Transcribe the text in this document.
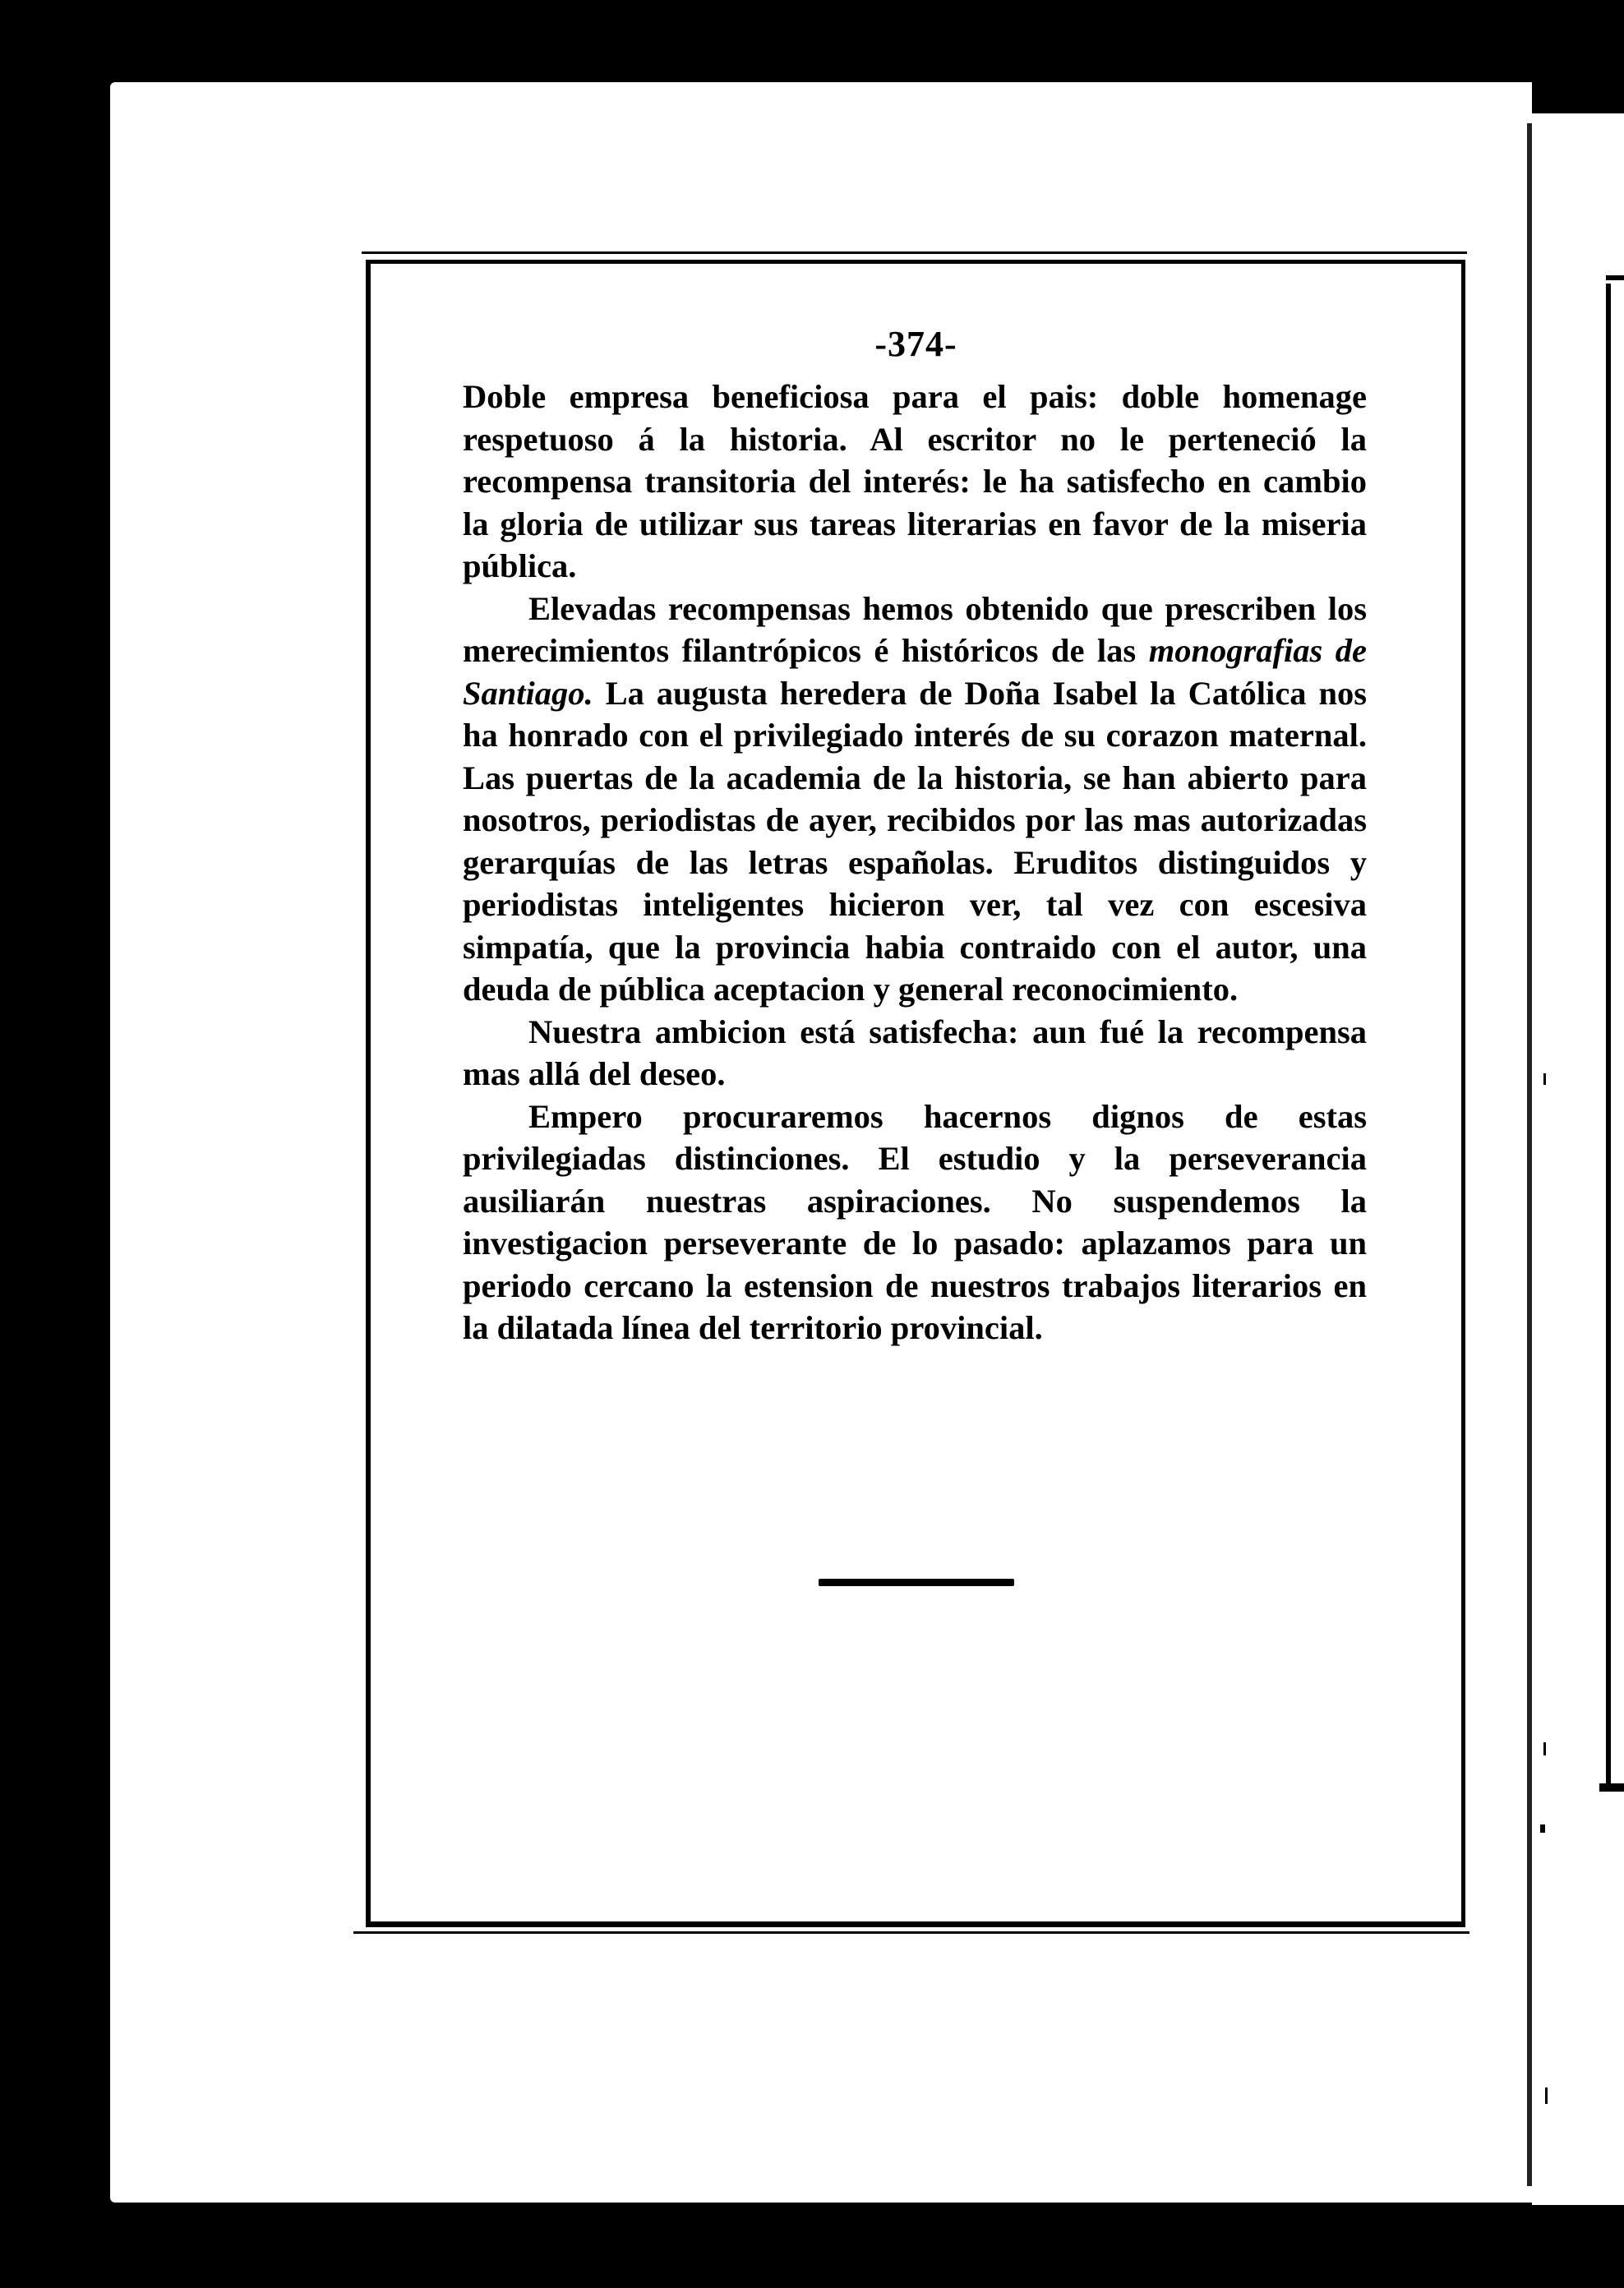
-374-

Doble empresa beneficiosa para el pais: doble homenage respetuoso á la historia. Al escritor no le perteneció la recompensa transitoria del interés: le ha satisfecho en cambio la gloria de utilizar sus tareas literarias en favor de la miseria pública.

Elevadas recompensas hemos obtenido que prescriben los merecimientos filantrópicos é históricos de las monografias de Santiago. La augusta heredera de Doña Isabel la Católica nos ha honrado con el privilegiado interés de su corazon maternal. Las puertas de la academia de la historia, se han abierto para nosotros, periodistas de ayer, recibidos por las mas autorizadas gerarquías de las letras españolas. Eruditos distinguidos y periodistas inteligentes hicieron ver, tal vez con escesiva simpatía, que la provincia habia contraido con el autor, una deuda de pública aceptacion y general reconocimiento.

Nuestra ambicion está satisfecha: aun fué la recompensa mas allá del deseo.

Empero procuraremos hacernos dignos de estas privilegiadas distinciones. El estudio y la perseverancia ausiliarán nuestras aspiraciones. No suspendemos la investigacion perseverante de lo pasado: aplazamos para un periodo cercano la estension de nuestros trabajos literarios en la dilatada línea del territorio provincial.
